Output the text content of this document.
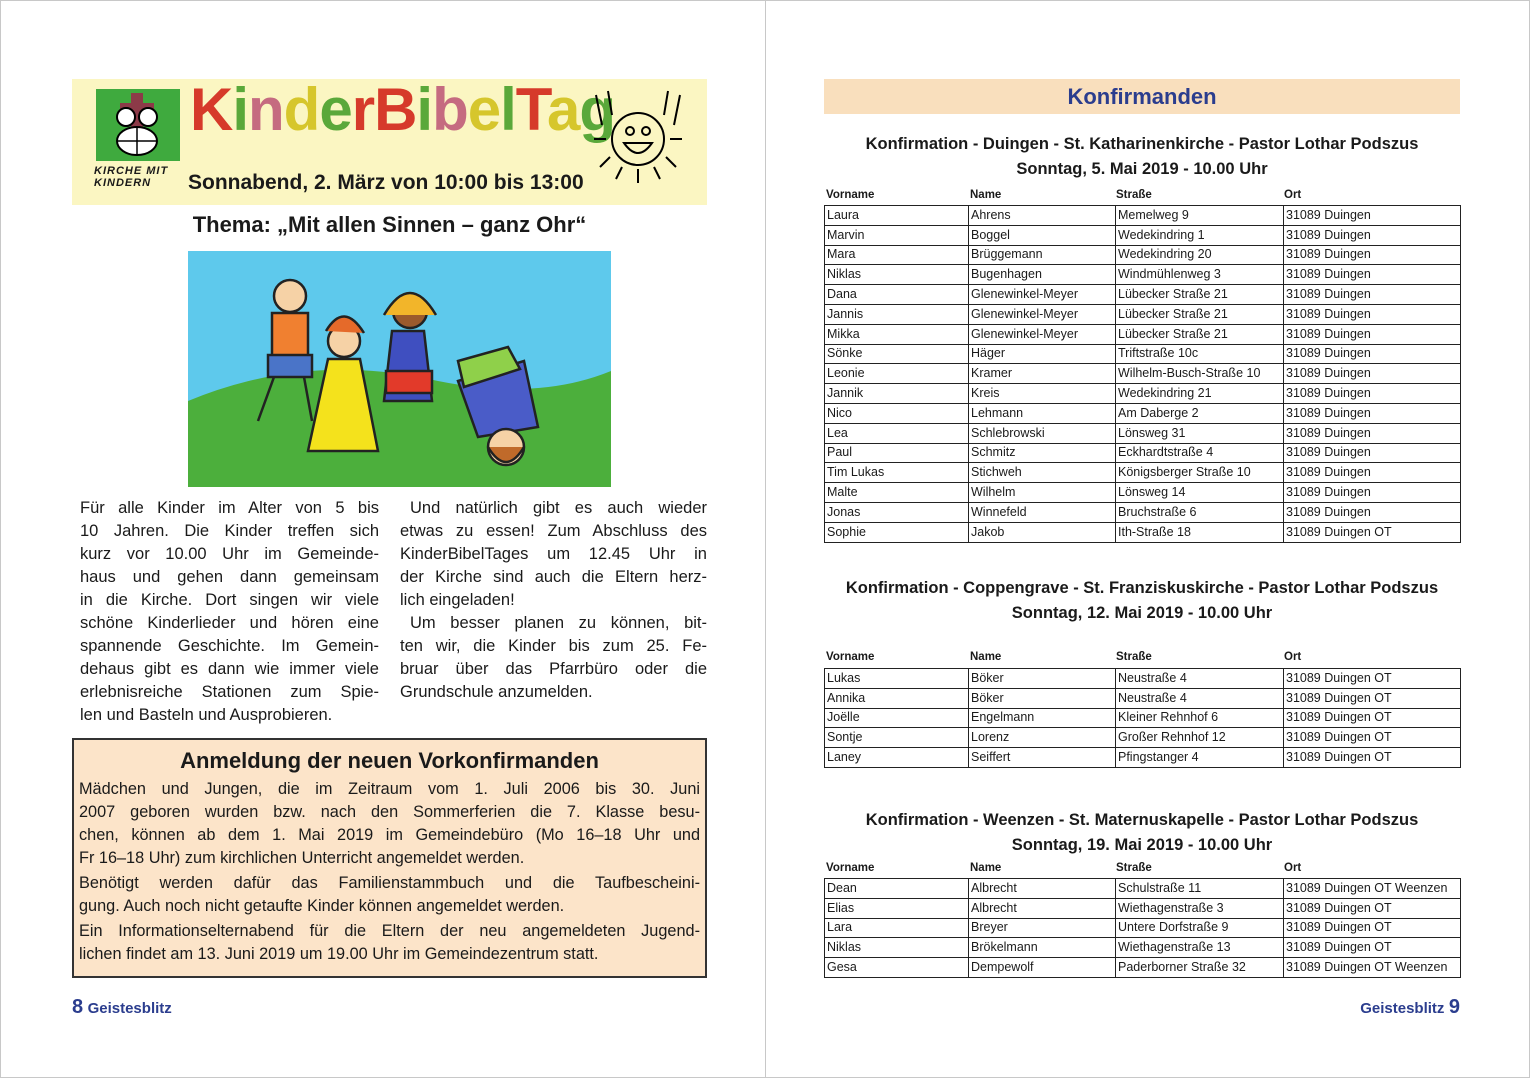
KIRCHE MIT
KINDERN
KinderBibelTag
Sonnabend, 2. März von 10:00 bis 13:00
Thema: „Mit allen Sinnen – ganz Ohr“
Für alle Kinder im Alter von 5 bis
10 Jahren. Die Kinder treffen sich
kurz vor 10.00 Uhr im Gemeinde-
haus und gehen dann gemeinsam
in die Kirche. Dort singen wir viele
schöne Kinderlieder und hören eine
spannende Geschichte. Im Gemein-
dehaus gibt es dann wie immer viele
erlebnisreiche Stationen zum Spie-
len und Basteln und Ausprobieren.
Und natürlich gibt es auch wieder
etwas zu essen! Zum Abschluss des
KinderBibelTages um 12.45 Uhr in
der Kirche sind auch die Eltern herz-
lich eingeladen!
Um besser planen zu können, bit-
ten wir, die Kinder bis zum 25. Fe-
bruar über das Pfarrbüro oder die
Grundschule anzumelden.
Anmeldung der neuen Vorkonfirmanden
Mädchen und Jungen, die im Zeitraum vom 1. Juli 2006 bis 30. Juni
2007 geboren wurden bzw. nach den Sommerferien die 7. Klasse besu-
chen, können ab dem 1. Mai 2019 im Gemeindebüro (Mo 16–18 Uhr und
Fr 16–18 Uhr) zum kirchlichen Unterricht angemeldet werden.
Benötigt werden dafür das Familienstammbuch und die Taufbescheini-
gung. Auch noch nicht getaufte Kinder können angemeldet werden.
Ein Informationselternabend für die Eltern der neu angemeldeten Jugend-
lichen findet am 13. Juni 2019 um 19.00 Uhr im Gemeindezentrum statt.
8 Geistesblitz
Konfirmanden
Konfirmation - Duingen - St. Katharinenkirche - Pastor Lothar Podszus
Sonntag, 5. Mai 2019 - 10.00 Uhr
Vorname	Name	Straße	Ort
Laura	Ahrens	Memelweg 9	31089 Duingen
Marvin	Boggel	Wedekindring 1	31089 Duingen
Mara	Brüggemann	Wedekindring 20	31089 Duingen
Niklas	Bugenhagen	Windmühlenweg 3	31089 Duingen
Dana	Glenewinkel-Meyer	Lübecker Straße 21	31089 Duingen
Jannis	Glenewinkel-Meyer	Lübecker Straße 21	31089 Duingen
Mikka	Glenewinkel-Meyer	Lübecker Straße 21	31089 Duingen
Sönke	Häger	Triftstraße 10c	31089 Duingen
Leonie	Kramer	Wilhelm-Busch-Straße 10	31089 Duingen
Jannik	Kreis	Wedekindring 21	31089 Duingen
Nico	Lehmann	Am Daberge 2	31089 Duingen
Lea	Schlebrowski	Lönsweg 31	31089 Duingen
Paul	Schmitz	Eckhardtstraße 4	31089 Duingen
Tim Lukas	Stichweh	Königsberger Straße 10	31089 Duingen
Malte	Wilhelm	Lönsweg 14	31089 Duingen
Jonas	Winnefeld	Bruchstraße 6	31089 Duingen
Sophie	Jakob	Ith-Straße 18	31089 Duingen OT
Konfirmation - Coppengrave - St. Franziskuskirche - Pastor Lothar Podszus
Sonntag, 12. Mai 2019 - 10.00 Uhr
Vorname	Name	Straße	Ort
Lukas	Böker	Neustraße 4	31089 Duingen OT
Annika	Böker	Neustraße 4	31089 Duingen OT
Joëlle	Engelmann	Kleiner Rehnhof 6	31089 Duingen OT
Sontje	Lorenz	Großer Rehnhof 12	31089 Duingen OT
Laney	Seiffert	Pfingstanger 4	31089 Duingen OT
Konfirmation - Weenzen - St. Maternuskapelle - Pastor Lothar Podszus
Sonntag, 19. Mai 2019 - 10.00 Uhr
Vorname	Name	Straße	Ort
Dean	Albrecht	Schulstraße 11	31089 Duingen OT Weenzen
Elias	Albrecht	Wiethagenstraße 3	31089 Duingen OT
Lara	Breyer	Untere Dorfstraße 9	31089 Duingen OT
Niklas	Brökelmann	Wiethagenstraße 13	31089 Duingen OT
Gesa	Dempewolf	Paderborner Straße 32	31089 Duingen OT Weenzen
Geistesblitz 9
